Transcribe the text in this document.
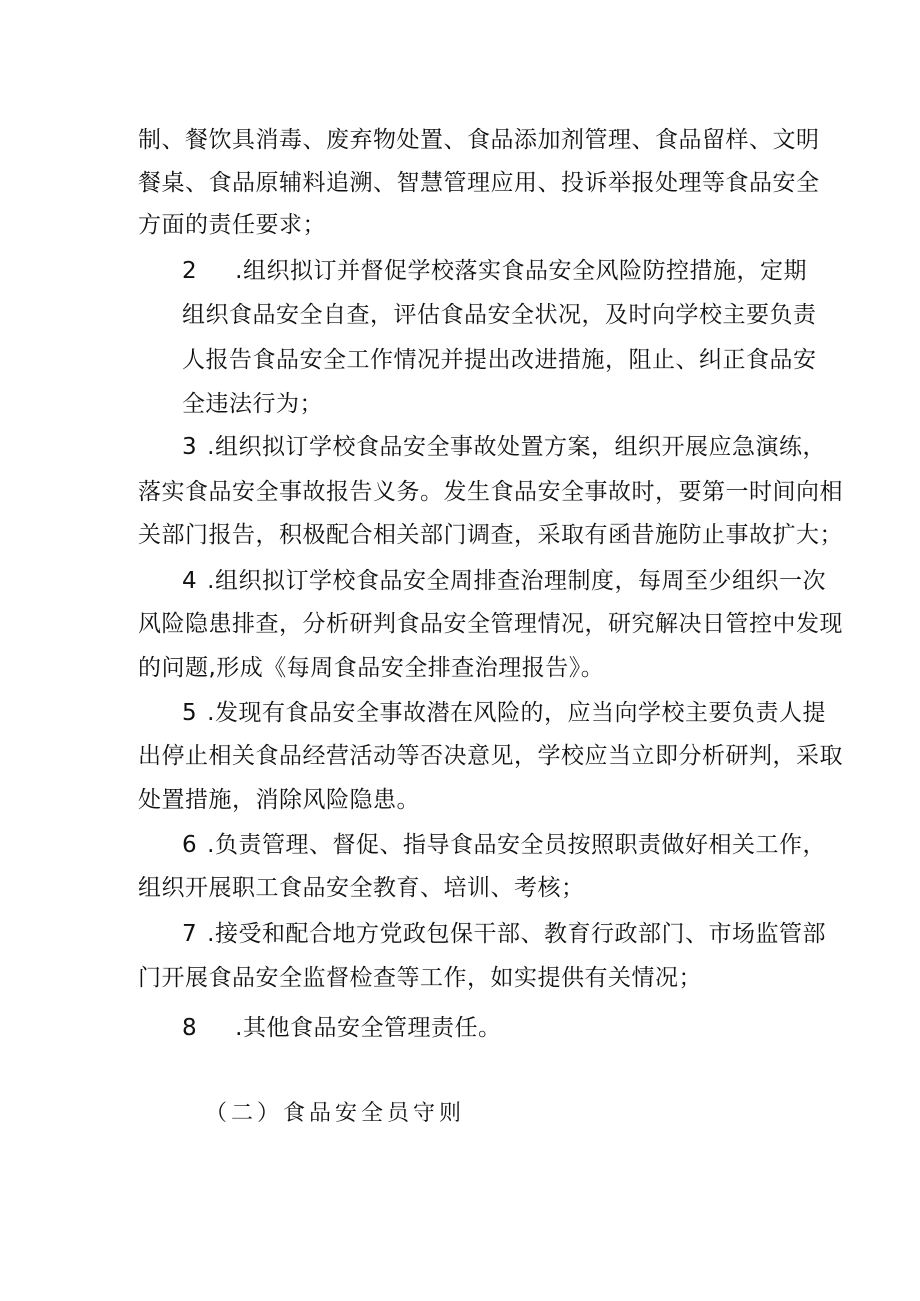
制、餐饮具消毒、废弃物处置、食品添加剂管理、食品留样、文明
餐桌、食品原辅料追溯、智慧管理应用、投诉举报处理等食品安全
方面的责任要求；
2 .组织拟订并督促学校落实食品安全风险防控措施，定期
组织食品安全自查，评估食品安全状况，及时向学校主要负责
人报告食品安全工作情况并提出改进措施，阻止、纠正食品安
全违法行为；
3 .组织拟订学校食品安全事故处置方案，组织开展应急演练，
落实食品安全事故报告义务。发生食品安全事故时，要第一时间向相
关部门报告，积极配合相关部门调查，采取有函昔施防止事故扩大；
4 .组织拟订学校食品安全周排查治理制度，每周至少组织一次
风险隐患排查，分析研判食品安全管理情况，研究解决日管控中发现
的问题,形成《每周食品安全排查治理报告》。
5 .发现有食品安全事故潜在风险的，应当向学校主要负责人提
出停止相关食品经营活动等否决意见，学校应当立即分析研判，采取
处置措施，消除风险隐患。
6 .负责管理、督促、指导食品安全员按照职责做好相关工作，
组织开展职工食品安全教育、培训、考核；
7 .接受和配合地方党政包保干部、教育行政部门、市场监管部
门开展食品安全监督检查等工作，如实提供有关情况；
8 .其他食品安全管理责任。
（二）食品安全员守则
